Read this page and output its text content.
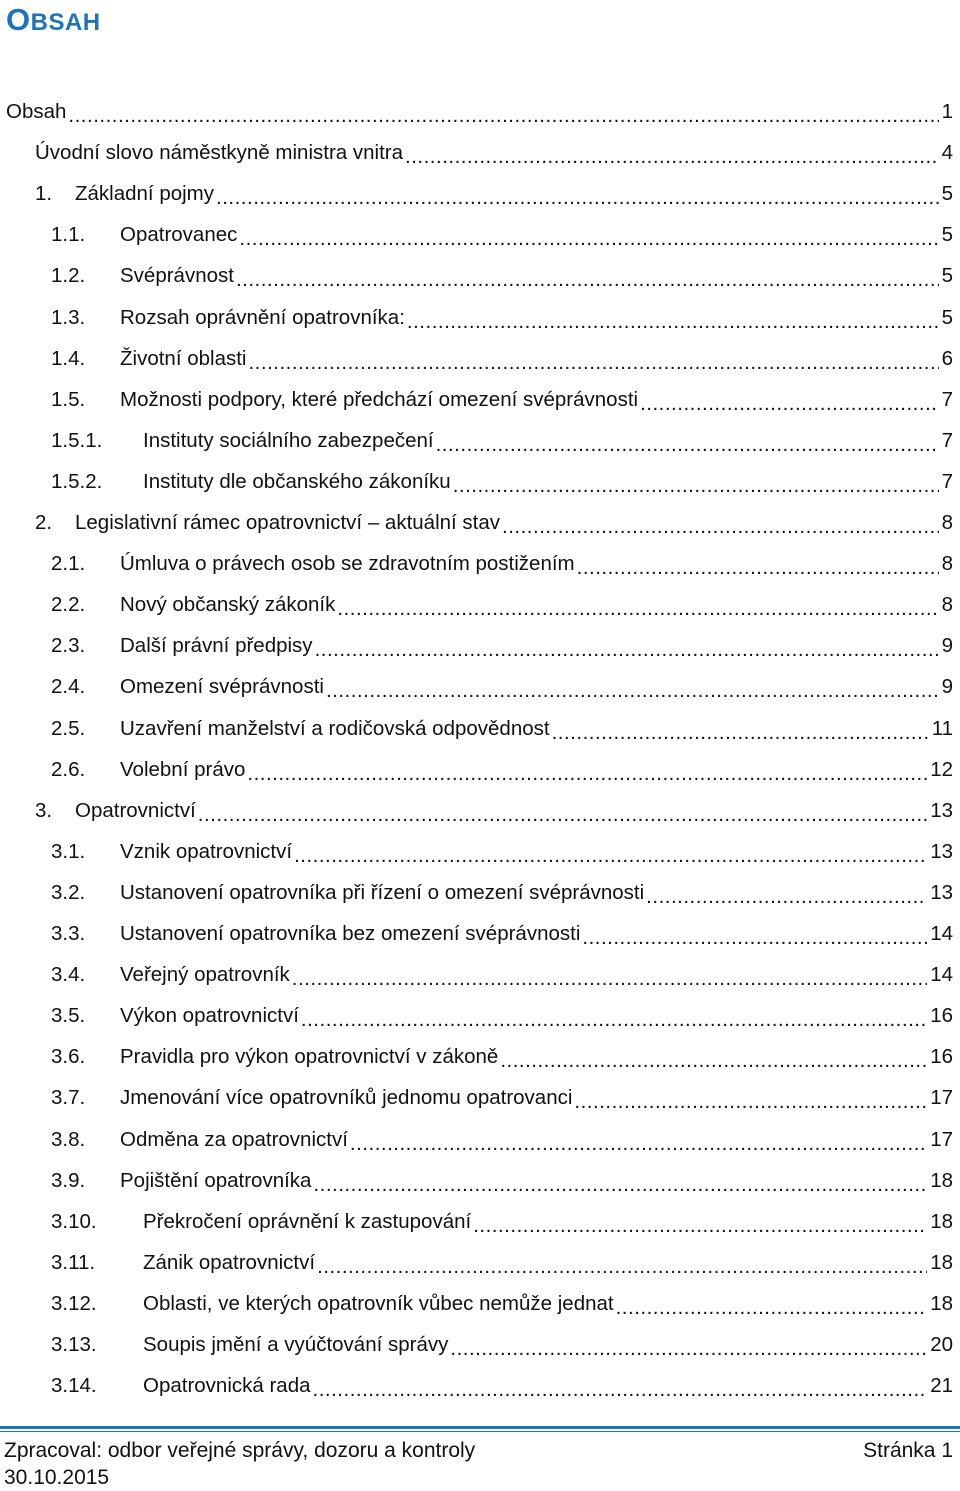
OBSAH
Obsah .....	1
Úvodní slovo náměstkyně ministra vnitra .....	4
1. Základní pojmy .....	5
1.1. Opatrovanec .....	5
1.2. Svéprávnost .....	5
1.3. Rozsah oprávnění opatrovníka: .....	5
1.4. Životní oblasti .....	6
1.5. Možnosti podpory, které předchází omezení svéprávnosti .....	7
1.5.1. Instituty sociálního zabezpečení .....	7
1.5.2. Instituty dle občanského zákoníku .....	7
2. Legislativní rámec opatrovnictví – aktuální stav .....	8
2.1. Úmluva o právech osob se zdravotním postižením .....	8
2.2. Nový občanský zákoník .....	8
2.3. Další právní předpisy .....	9
2.4. Omezení svéprávnosti .....	9
2.5. Uzavření manželství a rodičovská odpovědnost .....	11
2.6. Volební právo .....	12
3. Opatrovnictví .....	13
3.1. Vznik opatrovnictví .....	13
3.2. Ustanovení opatrovníka při řízení o omezení svéprávnosti .....	13
3.3. Ustanovení opatrovníka bez omezení svéprávnosti .....	14
3.4. Veřejný opatrovník .....	14
3.5. Výkon opatrovnictví .....	16
3.6. Pravidla pro výkon opatrovnictví v zákoně .....	16
3.7. Jmenování více opatrovníků jednomu opatrovanci .....	17
3.8. Odměna za opatrovnictví .....	17
3.9. Pojištění opatrovníka .....	18
3.10. Překročení oprávnění k zastupování .....	18
3.11. Zánik opatrovnictví .....	18
3.12. Oblasti, ve kterých opatrovník vůbec nemůže jednat .....	18
3.13. Soupis jmění a vyúčtování správy .....	20
3.14. Opatrovnická rada .....	21
Zpracoval: odbor veřejné správy, dozoru a kontroly
30.10.2015
Stránka 1
